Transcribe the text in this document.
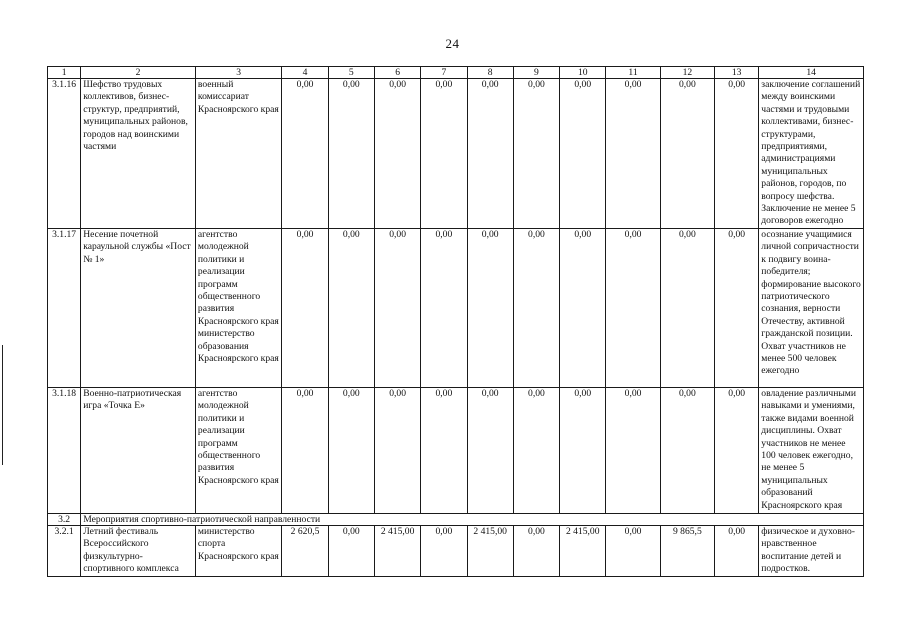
24
1	2	3	4	5	6	7	8	9	10	11	12	13	14
3.1.16	Шефство трудовых коллективов, бизнес-структур, предприятий, муниципальных районов, городов над воинскими частями	военный комиссариат Красноярского края	0,00	0,00	0,00	0,00	0,00	0,00	0,00	0,00	0,00	0,00	заключение соглашений между воинскими частями и трудовыми коллективами, бизнес-структурами, предприятиями, администрациями муниципальных районов, городов, по вопросу шефства. Заключение не менее 5 договоров ежегодно
3.1.17	Несение почетной караульной службы «Пост № 1»	агентство молодежной политики и реализации программ общественного развития Красноярского края министерство образования Красноярского края	0,00	0,00	0,00	0,00	0,00	0,00	0,00	0,00	0,00	0,00	осознание учащимися личной сопричастности к подвигу воина-победителя; формирование высокого патриотического сознания, верности Отечеству, активной гражданской позиции. Охват участников не менее 500 человек ежегодно
3.1.18	Военно-патриотическая игра «Точка Е»	агентство молодежной политики и реализации программ общественного развития Красноярского края	0,00	0,00	0,00	0,00	0,00	0,00	0,00	0,00	0,00	0,00	овладение различными навыками и умениями, также видами военной дисциплины. Охват участников не менее 100 человек ежегодно, не менее 5 муниципальных образований Красноярского края
3.2	Мероприятия спортивно-патриотической направленности												
3.2.1	Летний фестиваль Всероссийского физкультурно-спортивного комплекса	министерство спорта Красноярского края	2 620,5	0,00	2 415,00	0,00	2 415,00	0,00	2 415,00	0,00	9 865,5	0,00	физическое и духовно-нравственное воспитание детей и подростков.
